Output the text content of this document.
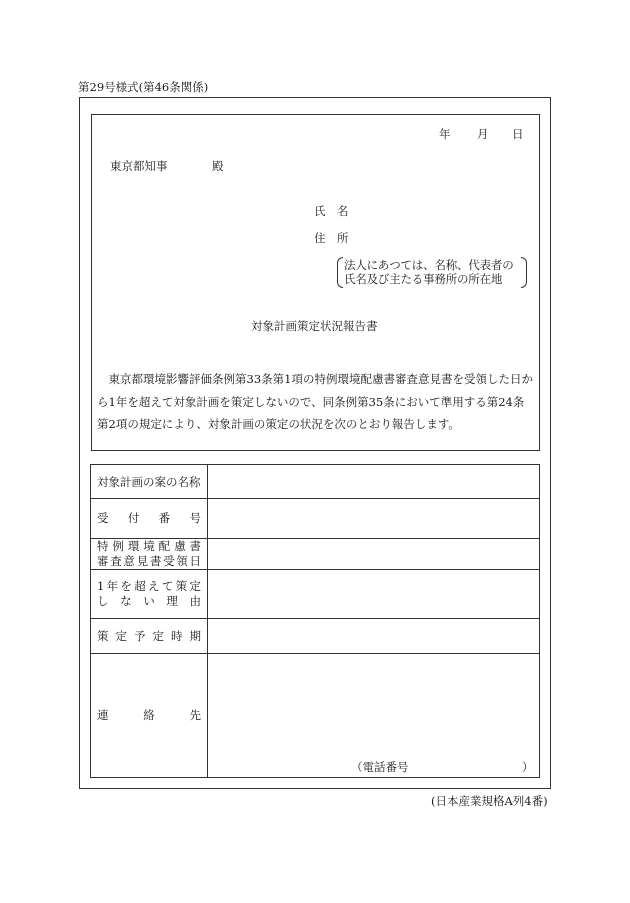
第29号様式(第46条関係)
年 月 日
東京都知事	殿
氏 名
住 所
法人にあつては、名称、代表者の
氏名及び主たる事務所の所在地
対象計画策定状況報告書
東京都環境影響評価条例第33条第1項の特例環境配慮書審査意見書を受領した日から1年を超えて対象計画を策定しないので、同条例第35条において準用する第24条第2項の規定により、対象計画の策定の状況を次のとおり報告します。
対象計画の案の名称	

受付番号	

特例環境配慮書
審査意見書受領日	

1年を超えて策定
しない理由	

策定予定時期	

連絡先	（電話番号 ）
(日本産業規格A列4番)
